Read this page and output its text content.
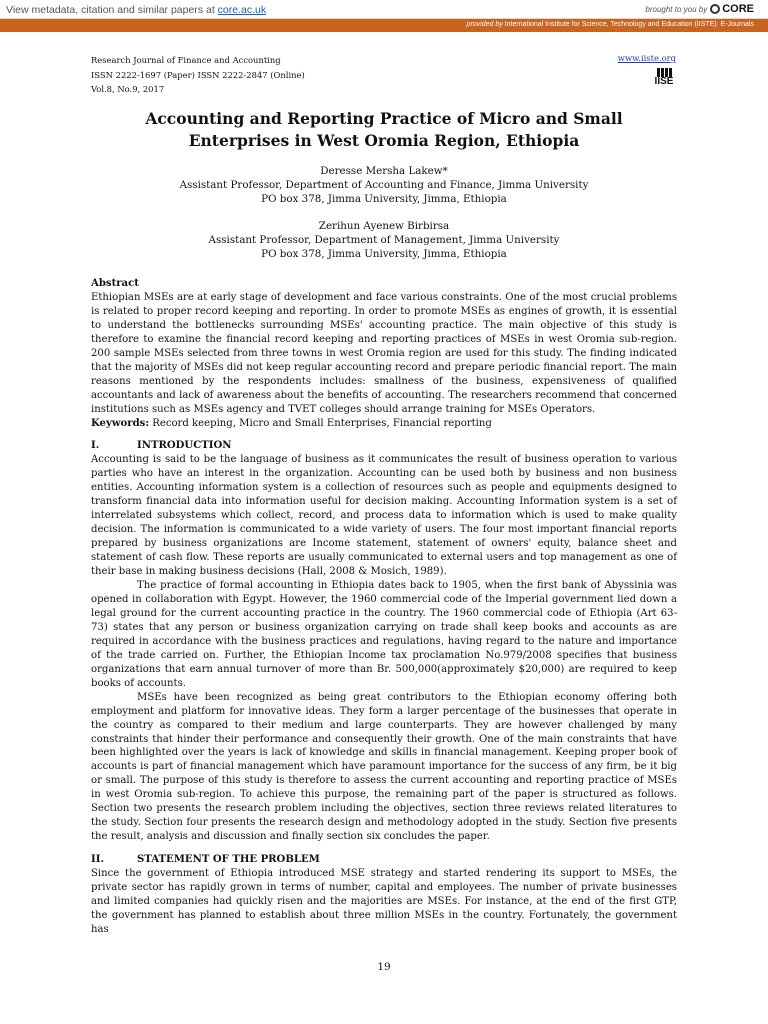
View metadata, citation and similar papers at core.ac.uk	brought to you by CORE
provided by International Institute for Science, Technology and Education (IISTE): E-Journals
Research Journal of Finance and Accounting
ISSN 2222-1697 (Paper) ISSN 2222-2847 (Online)
Vol.8, No.9, 2017
www.iiste.org
IISE
Accounting and Reporting Practice of Micro and Small
Enterprises in West Oromia Region, Ethiopia
Deresse Mersha Lakew*
Assistant Professor, Department of Accounting and Finance, Jimma University
PO box 378, Jimma University, Jimma, Ethiopia
Zerihun Ayenew Birbirsa
Assistant Professor, Department of Management, Jimma University
PO box 378, Jimma University, Jimma, Ethiopia

Abstract

Ethiopian MSEs are at early stage of development and face various constraints. One of the most crucial problems is related to proper record keeping and reporting. In order to promote MSEs as engines of growth, it is essential to understand the bottlenecks surrounding MSEs' accounting practice. The main objective of this study is therefore to examine the financial record keeping and reporting practices of MSEs in west Oromia sub-region. 200 sample MSEs selected from three towns in west Oromia region are used for this study. The finding indicated that the majority of MSEs did not keep regular accounting record and prepare periodic financial report. The main reasons mentioned by the respondents includes: smallness of the business, expensiveness of qualified accountants and lack of awareness about the benefits of accounting. The researchers recommend that concerned institutions such as MSEs agency and TVET colleges should arrange training for MSEs Operators.

Keywords: Record keeping, Micro and Small Enterprises, Financial reporting

I.	INTRODUCTION

Accounting is said to be the language of business as it communicates the result of business operation to various parties who have an interest in the organization. Accounting can be used both by business and non business entities. Accounting information system is a collection of resources such as people and equipments designed to transform financial data into information useful for decision making. Accounting Information system is a set of interrelated subsystems which collect, record, and process data to information which is used to make quality decision. The information is communicated to a wide variety of users. The four most important financial reports prepared by business organizations are Income statement, statement of owners' equity, balance sheet and statement of cash flow. These reports are usually communicated to external users and top management as one of their base in making business decisions (Hall, 2008 & Mosich, 1989).

The practice of formal accounting in Ethiopia dates back to 1905, when the first bank of Abyssinia was opened in collaboration with Egypt. However, the 1960 commercial code of the Imperial government lied down a legal ground for the current accounting practice in the country. The 1960 commercial code of Ethiopia (Art 63-73) states that any person or business organization carrying on trade shall keep books and accounts as are required in accordance with the business practices and regulations, having regard to the nature and importance of the trade carried on. Further, the Ethiopian Income tax proclamation No.979/2008 specifies that business organizations that earn annual turnover of more than Br. 500,000(approximately $20,000) are required to keep books of accounts.

MSEs have been recognized as being great contributors to the Ethiopian economy offering both employment and platform for innovative ideas. They form a larger percentage of the businesses that operate in the country as compared to their medium and large counterparts. They are however challenged by many constraints that hinder their performance and consequently their growth. One of the main constraints that have been highlighted over the years is lack of knowledge and skills in financial management. Keeping proper book of accounts is part of financial management which have paramount importance for the success of any firm, be it big or small. The purpose of this study is therefore to assess the current accounting and reporting practice of MSEs in west Oromia sub-region. To achieve this purpose, the remaining part of the paper is structured as follows. Section two presents the research problem including the objectives, section three reviews related literatures to the study. Section four presents the research design and methodology adopted in the study. Section five presents the result, analysis and discussion and finally section six concludes the paper.

II.	STATEMENT OF THE PROBLEM

Since the government of Ethiopia introduced MSE strategy and started rendering its support to MSEs, the private sector has rapidly grown in terms of number, capital and employees. The number of private businesses and limited companies had quickly risen and the majorities are MSEs. For instance, at the end of the first GTP, the government has planned to establish about three million MSEs in the country. Fortunately, the government has

19
